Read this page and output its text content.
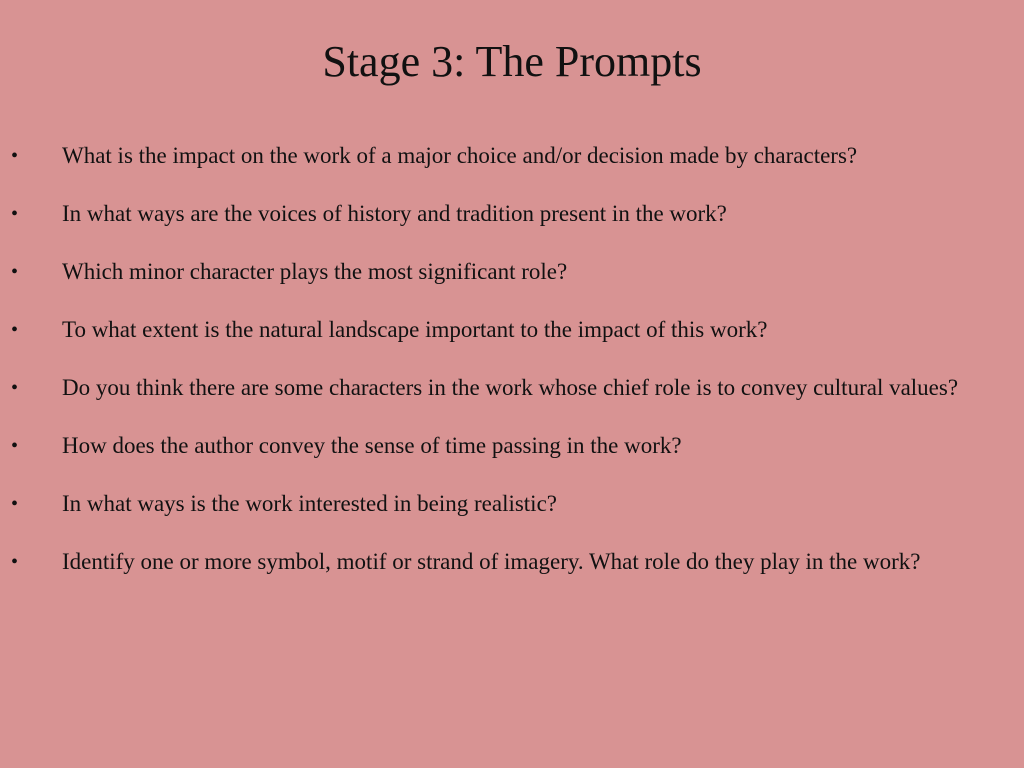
Stage 3: The Prompts
•	What is the impact on the work of a major choice and/or decision made by characters?
•	In what ways are the voices of history and tradition present in the work?
•	Which minor character plays the most significant role?
•	To what extent is the natural landscape important to the impact of this work?
•	Do you think there are some characters in the work whose chief role is to convey cultural values?
•	How does the author convey the sense of time passing in the work?
•	In what ways is the work interested in being realistic?
•	Identify one or more symbol, motif or strand of imagery. What role do they play in the work?
